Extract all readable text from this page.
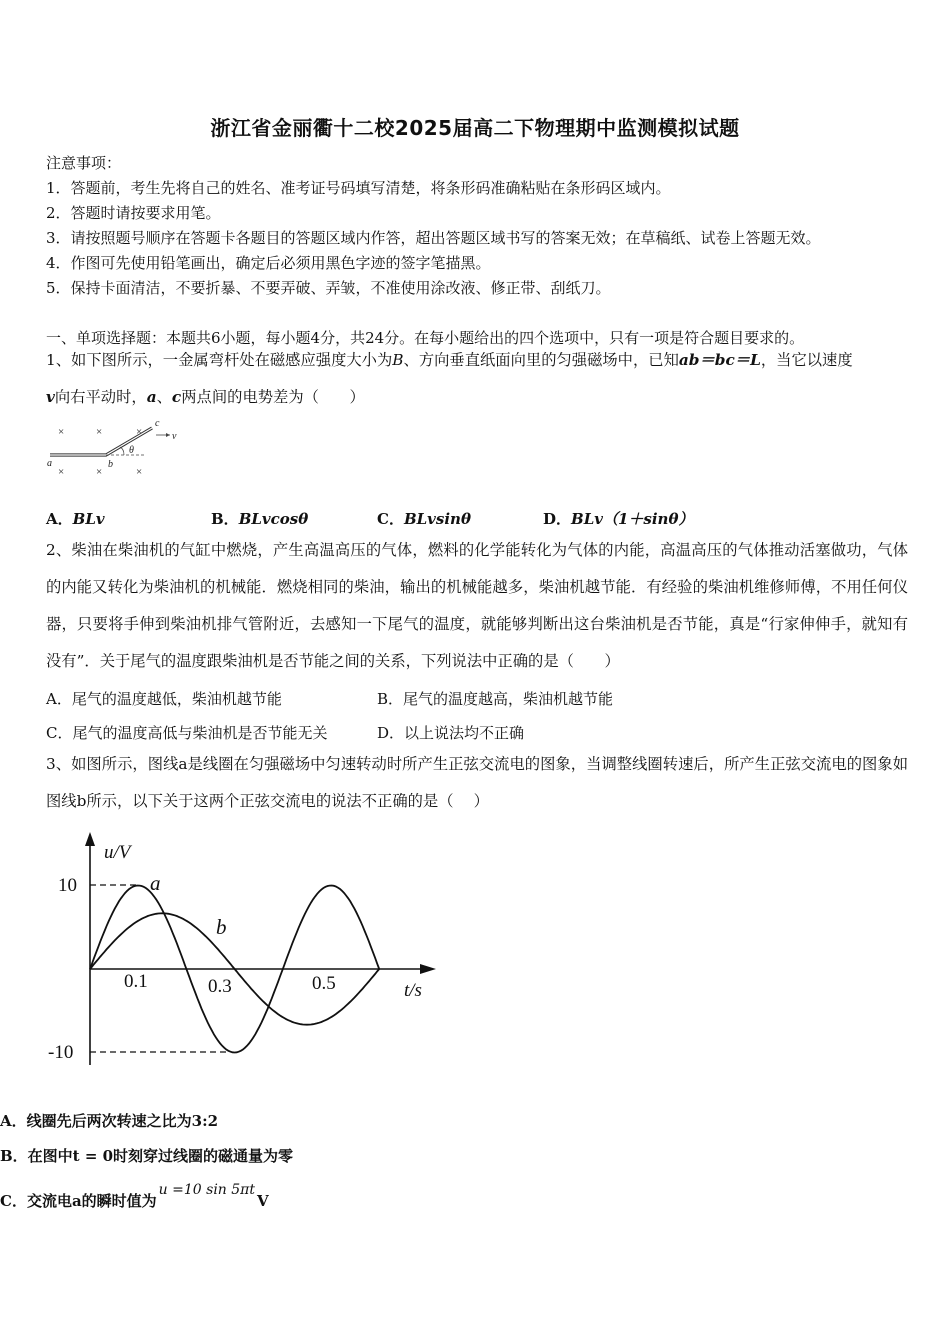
浙江省金丽衢十二校2025届高二下物理期中监测模拟试题
注意事项：
1．答题前，考生先将自己的姓名、准考证号码填写清楚，将条形码准确粘贴在条形码区域内。
2．答题时请按要求用笔。
3．请按照题号顺序在答题卡各题目的答题区域内作答，超出答题区域书写的答案无效；在草稿纸、试卷上答题无效。
4．作图可先使用铅笔画出，确定后必须用黑色字迹的签字笔描黑。
5．保持卡面清洁，不要折暴、不要弄破、弄皱，不准使用涂改液、修正带、刮纸刀。
一、单项选择题：本题共6小题，每小题4分，共24分。在每小题给出的四个选项中，只有一项是符合题目要求的。
1、如下图所示，一金属弯杆处在磁感应强度大小为B、方向垂直纸面向里的匀强磁场中，已知ab＝bc＝L，当它以速度
v向右平动时，a、c两点间的电势差为（　　）
×	×	×
×	×	×
a	b
c
θ
v
A．BLv	B．BLvcosθ	C．BLvsinθ	D．BLv（1＋sinθ）
2、柴油在柴油机的气缸中燃烧，产生高温高压的气体，燃料的化学能转化为气体的内能，高温高压的气体推动活塞做功，气体的内能又转化为柴油机的机械能．燃烧相同的柴油，输出的机械能越多，柴油机越节能．有经验的柴油机维修师傅，不用任何仪器，只要将手伸到柴油机排气管附近，去感知一下尾气的温度，就能够判断出这台柴油机是否节能，真是“行家伸伸手，就知有没有”．关于尾气的温度跟柴油机是否节能之间的关系，下列说法中正确的是（　　）
A．尾气的温度越低，柴油机越节能	B．尾气的温度越高，柴油机越节能
C．尾气的温度高低与柴油机是否节能无关	D．以上说法均不正确
3、如图所示，图线a是线圈在匀强磁场中匀速转动时所产生正弦交流电的图象，当调整线圈转速后，所产生正弦交流电的图象如图线b所示，以下关于这两个正弦交流电的说法不正确的是（　 ）
u/V
t/s
10
-10
0.1	0.3	0.5
a
b
A．线圈先后两次转速之比为3:2
B．在图中t = 0时刻穿过线圈的磁通量为零
C．交流电a的瞬时值为u =10 sin 5πtV
